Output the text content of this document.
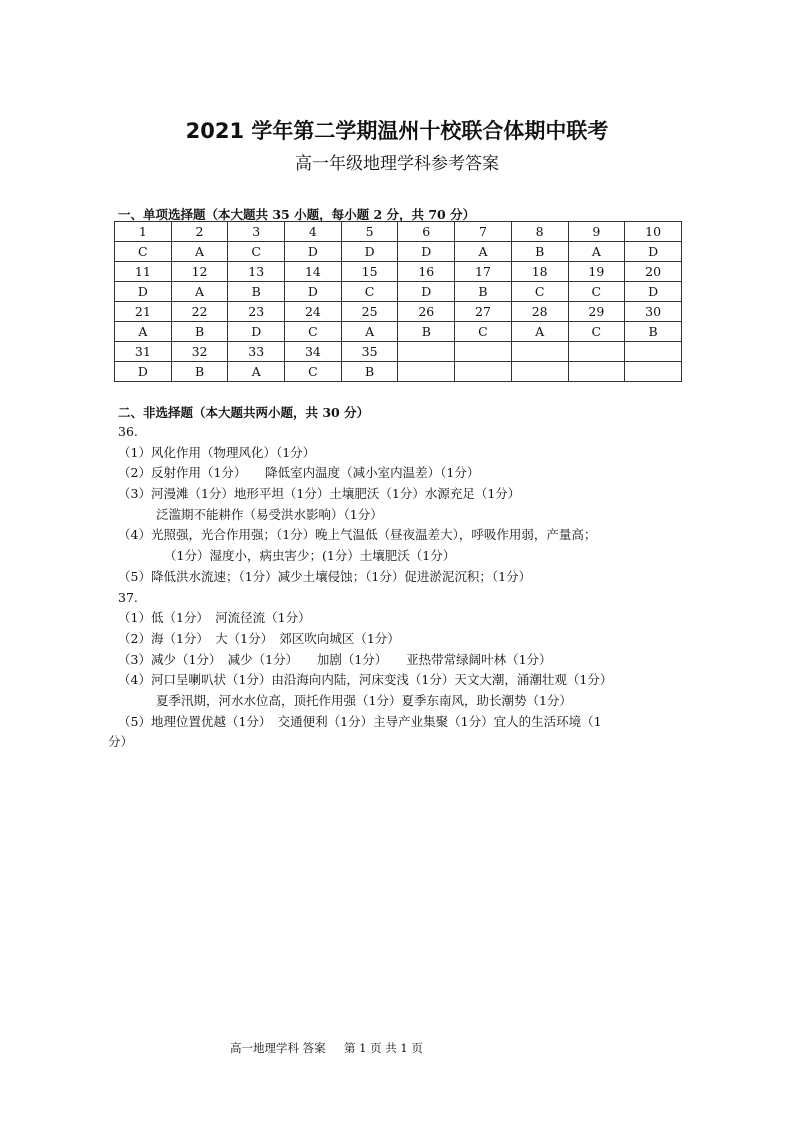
2021 学年第二学期温州十校联合体期中联考
高一年级地理学科参考答案
一、单项选择题（本大题共 35 小题，每小题 2 分，共 70 分）
1	2	3	4	5	6	7	8	9	10
C	A	C	D	D	D	A	B	A	D
11	12	13	14	15	16	17	18	19	20
D	A	B	D	C	D	B	C	C	D
21	22	23	24	25	26	27	28	29	30
A	B	D	C	A	B	C	A	C	B
31	32	33	34	35					
D	B	A	C	B					
二、非选择题（本大题共两小题，共 30 分）
36.
（1）风化作用（物理风化）（1分）
（2）反射作用（1分）　　降低室内温度（减小室内温差）（1分）
（3）河漫滩（1分）地形平坦（1分）土壤肥沃（1分）水源充足（1分）
泛滥期不能耕作（易受洪水影响）（1分）
（4）光照强，光合作用强；（1分）晚上气温低（昼夜温差大），呼吸作用弱，产量高；
（1分）湿度小，病虫害少；(1分）土壤肥沃（1分）
（5）降低洪水流速；（1分）减少土壤侵蚀；（1分）促进淤泥沉积；（1分）
37.
（1）低（1分）　河流径流（1分）
（2）海（1分）　大（1分）　郊区吹向城区（1分）
（3）减少（1分）　减少（1分）　　加剧（1分）　　亚热带常绿阔叶林（1分）
（4）河口呈喇叭状（1分）由沿海向内陆，河床变浅（1分）天文大潮，涌潮壮观（1分）
夏季汛期，河水水位高，顶托作用强（1分）夏季东南风，助长潮势（1分）
（5）地理位置优越（1分）　交通便利（1分）主导产业集聚（1分）宜人的生活环境（1
分）
高一地理学科 答案 第 1 页 共 1 页
